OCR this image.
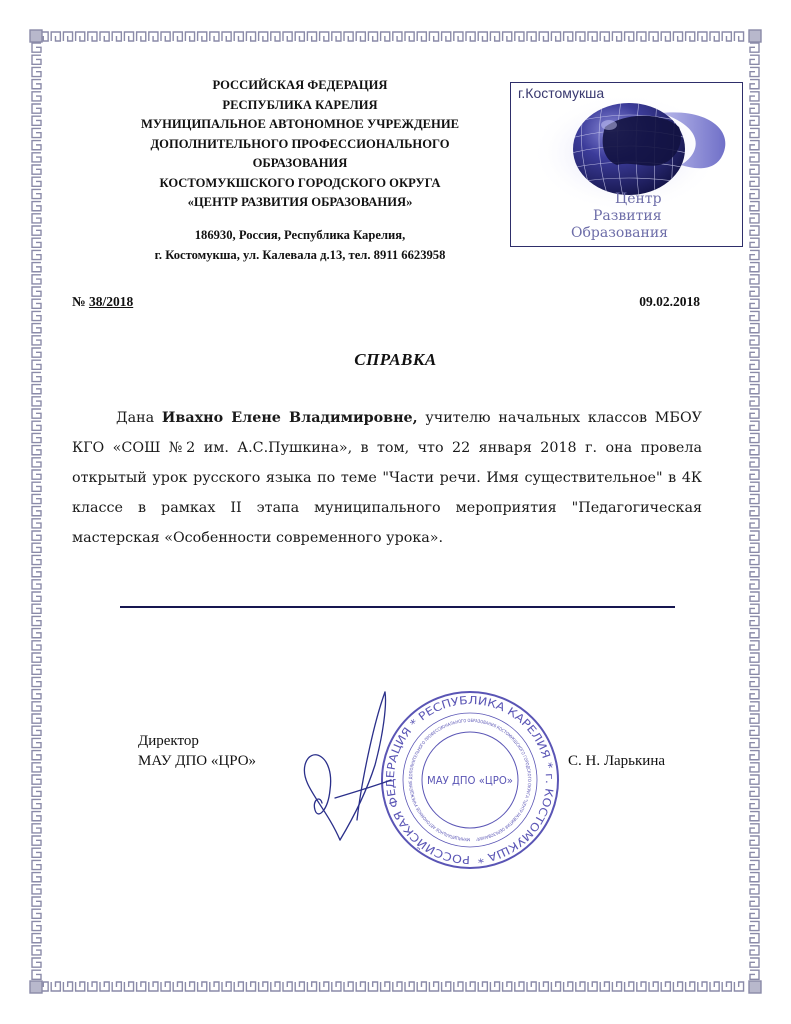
РОССИЙСКАЯ ФЕДЕРАЦИЯ
РЕСПУБЛИКА КАРЕЛИЯ
МУНИЦИПАЛЬНОЕ АВТОНОМНОЕ УЧРЕЖДЕНИЕ
ДОПОЛНИТЕЛЬНОГО ПРОФЕССИОНАЛЬНОГО
ОБРАЗОВАНИЯ
КОСТОМУКШСКОГО ГОРОДСКОГО ОКРУГА
«ЦЕНТР РАЗВИТИЯ ОБРАЗОВАНИЯ»
186930, Россия, Республика Карелия,
г. Костомукша, ул. Калевала д.13, тел. 8911 6623958
г.Костомукша
Центр
Развития
Образования
№ 38/2018	09.02.2018
СПРАВКА
Дана Ивахно Елене Владимировне, учителю начальных классов МБОУ КГО «СОШ №2 им. А.С.Пушкина», в том, что 22 января 2018 г. она провела открытый урок русского языка по теме "Части речи. Имя существительное" в 4К классе в рамках II этапа муниципального мероприятия "Педагогическая мастерская «Особенности современного урока».
Директор
МАУ ДПО «ЦРО»
РОССИЙСКАЯ ФЕДЕРАЦИЯ * РЕСПУБЛИКА КАРЕЛИЯ * г. КОСТОМУКША *
МУНИЦИПАЛЬНОЕ АВТОНОМНОЕ УЧРЕЖДЕНИЕ ДОПОЛНИТЕЛЬНОГО ПРОФЕССИОНАЛЬНОГО ОБРАЗОВАНИЯ КОСТОМУКШСКОГО ГОРОДСКОГО ОКРУГА "ЦЕНТР РАЗВИТИЯ ОБРАЗОВАНИЯ"
МАУ ДПО «ЦРО»
С. Н. Ларькина
